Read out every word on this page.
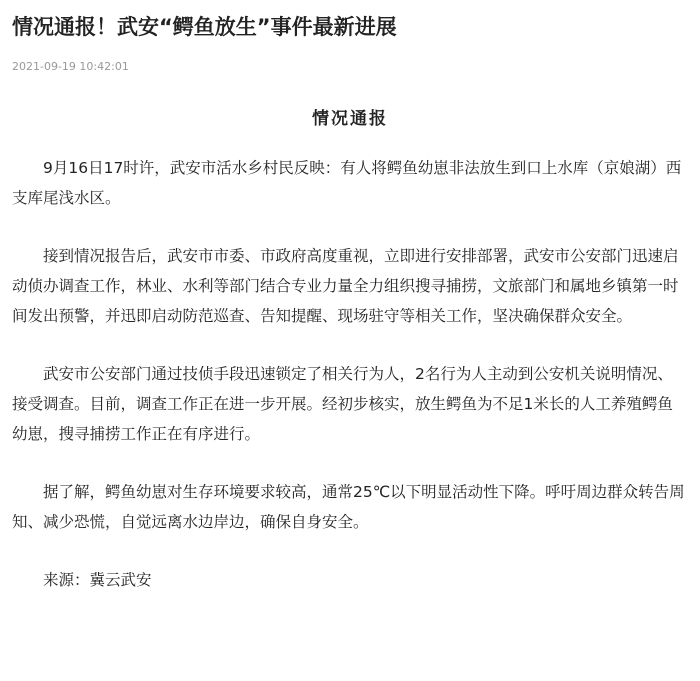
情况通报！武安“鳄鱼放生”事件最新进展
2021-09-19 10:42:01
情况通报

9月16日17时许，武安市活水乡村民反映：有人将鳄鱼幼崽非法放生到口上水库（京娘湖）西支库尾浅水区。

接到情况报告后，武安市市委、市政府高度重视，立即进行安排部署，武安市公安部门迅速启动侦办调查工作，林业、水利等部门结合专业力量全力组织搜寻捕捞，文旅部门和属地乡镇第一时间发出预警，并迅即启动防范巡查、告知提醒、现场驻守等相关工作，坚决确保群众安全。

武安市公安部门通过技侦手段迅速锁定了相关行为人，2名行为人主动到公安机关说明情况、接受调查。目前，调查工作正在进一步开展。经初步核实，放生鳄鱼为不足1米长的人工养殖鳄鱼幼崽，搜寻捕捞工作正在有序进行。

据了解，鳄鱼幼崽对生存环境要求较高，通常25℃以下明显活动性下降。呼吁周边群众转告周知、减少恐慌，自觉远离水边岸边，确保自身安全。

来源：冀云武安
